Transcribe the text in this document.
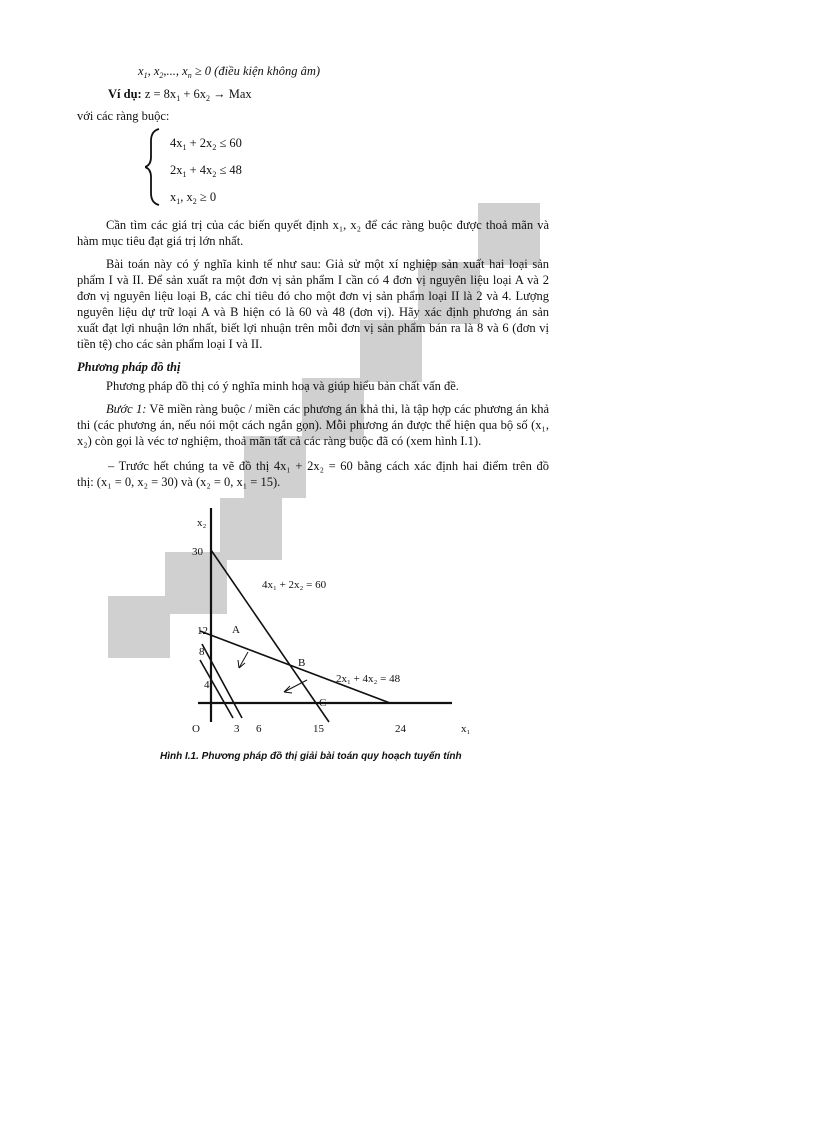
$x_1$, $x_2$,..., $x_n \ge 0$ (điều kiện không âm)
Ví dụ: $z = 8x_1 + 6x_2$ → Max
với các ràng buộc:
$4x_1 + 2x_2 \le 60$
$2x_1 + 4x_2 \le 48$
$x_1$, $x_2 \ge 0$
Cần tìm các giá trị của các biến quyết định x₁, x₂ để các ràng buộc được thoả mãn và
hàm mục tiêu đạt giá trị lớn nhất.
Bài toán này có ý nghĩa kinh tế như sau: Giả sử một xí nghiệp sản xuất hai loại sản
phẩm I và II. Để sản xuất ra một đơn vị sản phẩm I cần có 4 đơn vị nguyên liệu loại A và 2
đơn vị nguyên liệu loại B, các chỉ tiêu đó cho một đơn vị sản phẩm loại II là 2 và 4. Lượng
nguyên liệu dự trữ loại A và B hiện có là 60 và 48 (đơn vị). Hãy xác định phương án sản
xuất đạt lợi nhuận lớn nhất, biết lợi nhuận trên mỗi đơn vị sản phẩm bán ra là 8 và 6 (đơn vị
tiền tệ) cho các sản phẩm loại I và II.
Phương pháp đồ thị
Phương pháp đồ thị có ý nghĩa minh hoạ và giúp hiểu bản chất vấn đề.
Bước 1: Vẽ miền ràng buộc / miền các phương án khả thi, là tập hợp các phương án khả
thi (các phương án, nếu nói một cách ngắn gọn). Mỗi phương án được thể hiện qua bộ số (x₁,
x₂) còn gọi là véc tơ nghiệm, thoả mãn tất cả các ràng buộc đã có (xem hình I.1).
– Trước hết chúng ta vẽ đồ thị 4x₁ + 2x₂ = 60 bằng cách xác định hai điểm trên đồ
thị: (x₁ = 0, x₂ = 30) và (x₂ = 0, x₁ = 15).
x₂
x₁
O
30
12
8
4
3 6	15	24
4x₁ + 2x₂ = 60
2x₁ + 4x₂ = 48
A
B
C
Hình I.1. Phương pháp đồ thị giải bài toán quy hoạch tuyến tính
